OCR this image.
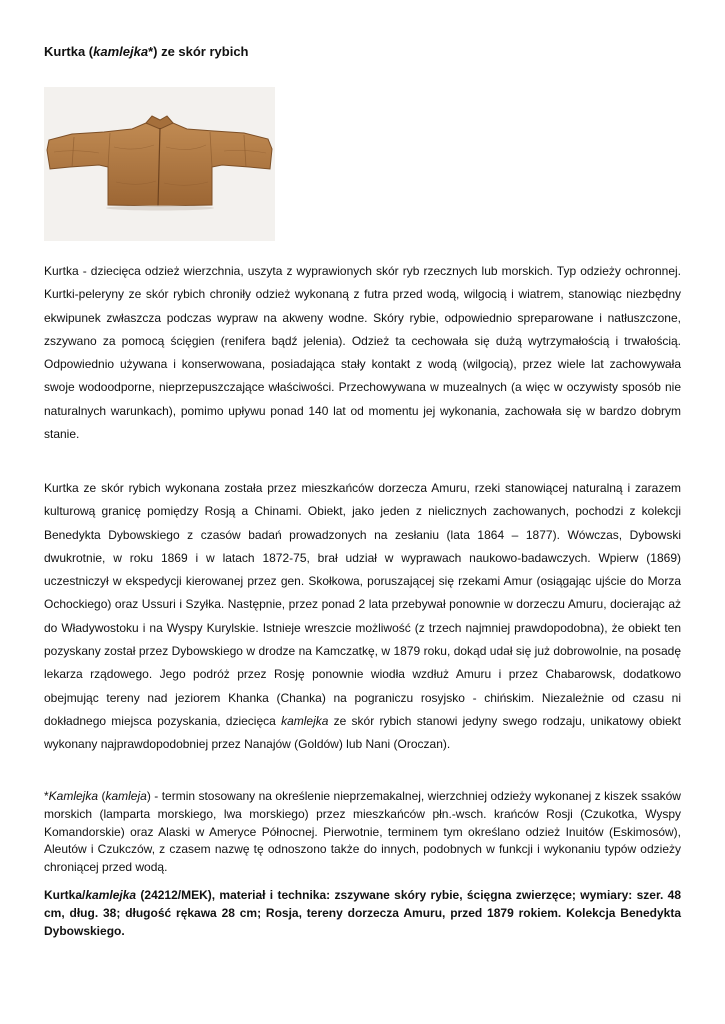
Kurtka (kamlejka*) ze skór rybich

Kurtka - dziecięca odzież wierzchnia, uszyta z wyprawionych skór ryb rzecznych lub morskich. Typ odzieży ochronnej. Kurtki-peleryny ze skór rybich chroniły odzież wykonaną z futra przed wodą, wilgocią i wiatrem, stanowiąc niezbędny ekwipunek zwłaszcza podczas wypraw na akweny wodne. Skóry rybie, odpowiednio spreparowane i natłuszczone, zszywano za pomocą ścięgien (renifera bądź jelenia). Odzież ta cechowała się dużą wytrzymałością i trwałością. Odpowiednio używana i konserwowana, posiadająca stały kontakt z wodą (wilgocią), przez wiele lat zachowywała swoje wodoodporne, nieprzepuszczające właściwości. Przechowywana w muzealnych (a więc w oczywisty sposób nie naturalnych warunkach), pomimo upływu ponad 140 lat od momentu jej wykonania, zachowała się w bardzo dobrym stanie.

Kurtka ze skór rybich wykonana została przez mieszkańców dorzecza Amuru, rzeki stanowiącej naturalną i zarazem kulturową granicę pomiędzy Rosją a Chinami. Obiekt, jako jeden z nielicznych zachowanych, pochodzi z kolekcji Benedykta Dybowskiego z czasów badań prowadzonych na zesłaniu (lata 1864 – 1877). Wówczas, Dybowski dwukrotnie, w roku 1869 i w latach 1872-75, brał udział w wyprawach naukowo-badawczych. Wpierw (1869) uczestniczył w ekspedycji kierowanej przez gen. Skołkowa, poruszającej się rzekami Amur (osiągając ujście do Morza Ochockiego) oraz Ussuri i Szyłka. Następnie, przez ponad 2 lata przebywał ponownie w dorzeczu Amuru, docierając aż do Władywostoku i na Wyspy Kurylskie. Istnieje wreszcie możliwość (z trzech najmniej prawdopodobna), że obiekt ten pozyskany został przez Dybowskiego w drodze na Kamczatkę, w 1879 roku, dokąd udał się już dobrowolnie, na posadę lekarza rządowego. Jego podróż przez Rosję ponownie wiodła wzdłuż Amuru i przez Chabarowsk, dodatkowo obejmując tereny nad jeziorem Khanka (Chanka) na pograniczu rosyjsko - chińskim. Niezależnie od czasu ni dokładnego miejsca pozyskania, dziecięca kamlejka ze skór rybich stanowi jedyny swego rodzaju, unikatowy obiekt wykonany najprawdopodobniej przez Nanajów (Goldów) lub Nani (Oroczan).

*Kamlejka (kamleja) - termin stosowany na określenie nieprzemakalnej, wierzchniej odzieży wykonanej z kiszek ssaków morskich (lamparta morskiego, lwa morskiego) przez mieszkańców płn.-wsch. krańców Rosji (Czukotka, Wyspy Komandorskie) oraz Alaski w Ameryce Północnej. Pierwotnie, terminem tym określano odzież Inuitów (Eskimosów), Aleutów i Czukczów, z czasem nazwę tę odnoszono także do innych, podobnych w funkcji i wykonaniu typów odzieży chroniącej przed wodą.

Kurtka/kamlejka (24212/MEK), materiał i technika: zszywane skóry rybie, ścięgna zwierzęce; wymiary: szer. 48 cm, dług. 38; długość rękawa 28 cm; Rosja, tereny dorzecza Amuru, przed 1879 rokiem. Kolekcja Benedykta Dybowskiego.
